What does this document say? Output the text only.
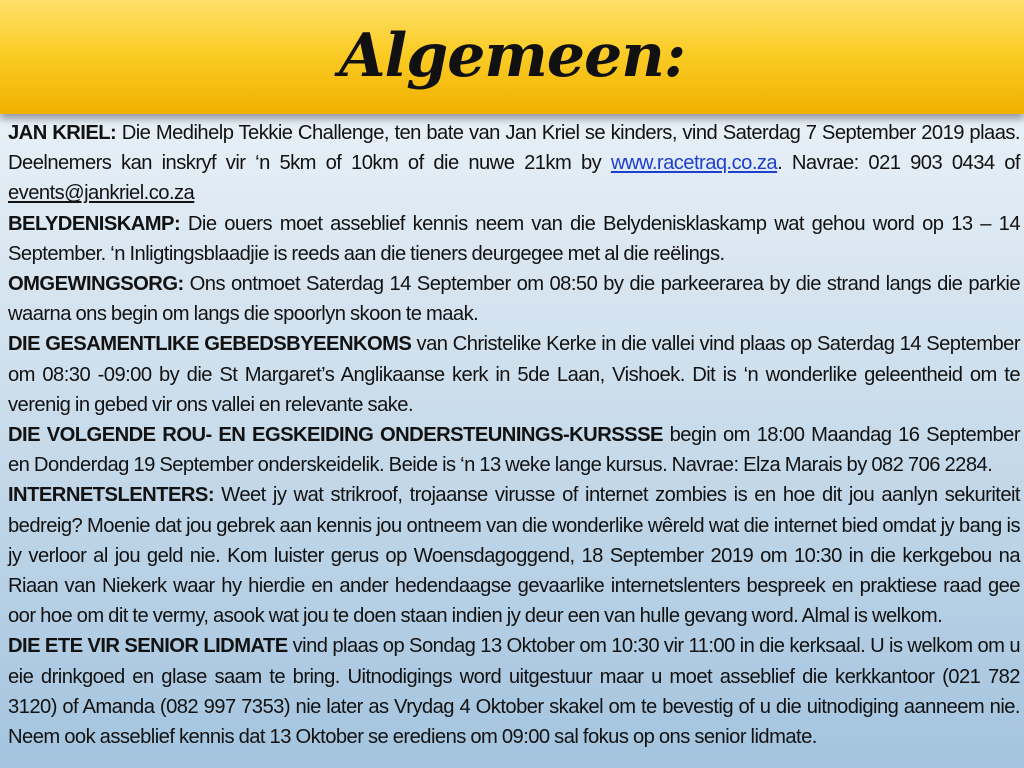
Algemeen:

JAN KRIEL: Die Medihelp Tekkie Challenge, ten bate van Jan Kriel se kinders, vind Saterdag 7 September 2019 plaas. Deelnemers kan inskryf vir ‘n 5km of 10km of die nuwe 21km by www.racetraq.co.za. Navrae: 021 903 0434 of events@jankriel.co.za

BELYDENISKAMP: Die ouers moet asseblief kennis neem van die Belydenisklaskamp wat gehou word op 13 – 14 September. ‘n Inligtingsblaadjie is reeds aan die tieners deurgegee met al die reëlings.

OMGEWINGSORG: Ons ontmoet Saterdag 14 September om 08:50 by die parkeerarea by die strand langs die parkie waarna ons begin om langs die spoorlyn skoon te maak.

DIE GESAMENTLIKE GEBEDSBYEENKOMS van Christelike Kerke in die vallei vind plaas op Saterdag 14 September om 08:30 -09:00 by die St Margaret’s Anglikaanse kerk in 5de Laan, Vishoek. Dit is ‘n wonderlike geleentheid om te verenig in gebed vir ons vallei en relevante sake.

DIE VOLGENDE ROU- EN EGSKEIDING ONDERSTEUNINGS-KURSSSE begin om 18:00 Maandag 16 September en Donderdag 19 September onderskeidelik. Beide is ‘n 13 weke lange kursus. Navrae: Elza Marais by 082 706 2284.

INTERNETSLENTERS: Weet jy wat strikroof, trojaanse virusse of internet zombies is en hoe dit jou aanlyn sekuriteit bedreig? Moenie dat jou gebrek aan kennis jou ontneem van die wonderlike wêreld wat die internet bied omdat jy bang is jy verloor al jou geld nie. Kom luister gerus op Woensdagoggend, 18 September 2019 om 10:30 in die kerkgebou na Riaan van Niekerk waar hy hierdie en ander hedendaagse gevaarlike internetslenters bespreek en praktiese raad gee oor hoe om dit te vermy, asook wat jou te doen staan indien jy deur een van hulle gevang word. Almal is welkom.

DIE ETE VIR SENIOR LIDMATE vind plaas op Sondag 13 Oktober om 10:30 vir 11:00 in die kerksaal. U is welkom om u eie drinkgoed en glase saam te bring. Uitnodigings word uitgestuur maar u moet asseblief die kerkkantoor (021 782 3120) of Amanda (082 997 7353) nie later as Vrydag 4 Oktober skakel om te bevestig of u die uitnodiging aanneem nie. Neem ook asseblief kennis dat 13 Oktober se erediens om 09:00 sal fokus op ons senior lidmate.
